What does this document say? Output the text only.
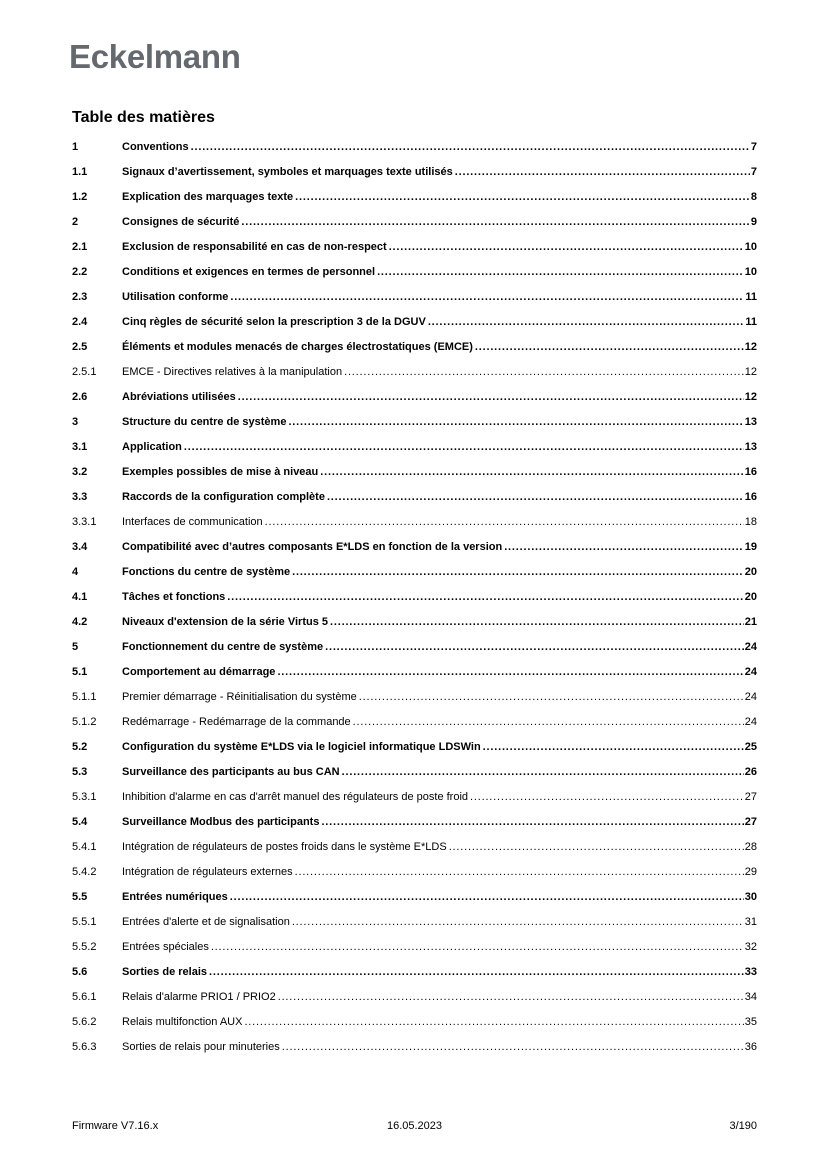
Eckelmann
Table des matières
1	Conventions .....	7
1.1	Signaux d’avertissement, symboles et marquages texte utilisés .....	7
1.2	Explication des marquages texte .....	8
2	Consignes de sécurité .....	9
2.1	Exclusion de responsabilité en cas de non-respect .....	10
2.2	Conditions et exigences en termes de personnel .....	10
2.3	Utilisation conforme .....	11
2.4	Cinq règles de sécurité selon la prescription 3 de la DGUV .....	11
2.5	Éléments et modules menacés de charges électrostatiques (EMCE) .....	12
2.5.1	EMCE - Directives relatives à la manipulation .....	12
2.6	Abréviations utilisées .....	12
3	Structure du centre de système .....	13
3.1	Application .....	13
3.2	Exemples possibles de mise à niveau .....	16
3.3	Raccords de la configuration complète .....	16
3.3.1	Interfaces de communication .....	18
3.4	Compatibilité avec d’autres composants E*LDS en fonction de la version .....	19
4	Fonctions du centre de système .....	20
4.1	Tâches et fonctions .....	20
4.2	Niveaux d'extension de la série Virtus 5 .....	21
5	Fonctionnement du centre de système .....	24
5.1	Comportement au démarrage .....	24
5.1.1	Premier démarrage - Réinitialisation du système .....	24
5.1.2	Redémarrage - Redémarrage de la commande .....	24
5.2	Configuration du système E*LDS via le logiciel informatique LDSWin .....	25
5.3	Surveillance des participants au bus CAN .....	26
5.3.1	Inhibition d'alarme en cas d'arrêt manuel des régulateurs de poste froid .....	27
5.4	Surveillance Modbus des participants .....	27
5.4.1	Intégration de régulateurs de postes froids dans le système E*LDS .....	28
5.4.2	Intégration de régulateurs externes .....	29
5.5	Entrées numériques .....	30
5.5.1	Entrées d'alerte et de signalisation .....	31
5.5.2	Entrées spéciales .....	32
5.6	Sorties de relais .....	33
5.6.1	Relais d'alarme PRIO1 / PRIO2 .....	34
5.6.2	Relais multifonction AUX .....	35
5.6.3	Sorties de relais pour minuteries .....	36
Firmware V7.16.x	16.05.2023	3/190
